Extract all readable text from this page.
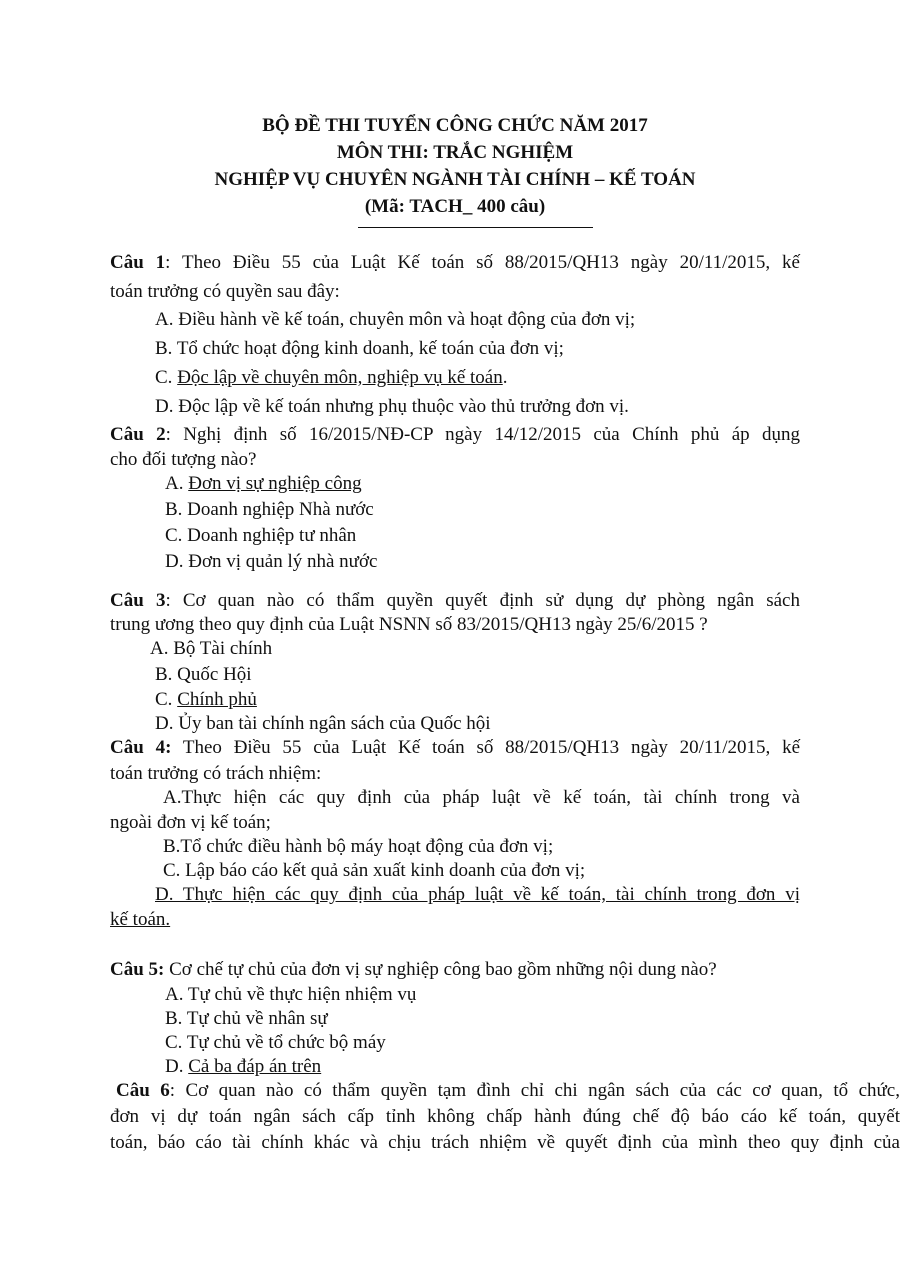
BỘ ĐỀ THI TUYỂN CÔNG CHỨC NĂM 2017
MÔN THI: TRẮC NGHIỆM
NGHIỆP VỤ CHUYÊN NGÀNH TÀI CHÍNH – KẾ TOÁN
(Mã: TACH_ 400 câu)
Câu 1: Theo Điều 55 của Luật Kế toán số 88/2015/QH13 ngày 20/11/2015, kế
toán trưởng có quyền sau đây:
A. Điều hành về kế toán, chuyên môn và hoạt động của đơn vị;
B. Tổ chức hoạt động kinh doanh, kế toán của đơn vị;
C. Độc lập về chuyên môn, nghiệp vụ kế toán.
D. Độc lập về kế toán nhưng phụ thuộc vào thủ trưởng đơn vị.
Câu 2: Nghị định số 16/2015/NĐ-CP ngày 14/12/2015 của Chính phủ áp dụng
cho đối tượng nào?
A. Đơn vị sự nghiệp công
B. Doanh nghiệp Nhà nước
C. Doanh nghiệp tư nhân
D. Đơn vị quản lý nhà nước
Câu 3: Cơ quan nào có thẩm quyền quyết định sử dụng dự phòng ngân sách
trung ương theo quy định của Luật NSNN số 83/2015/QH13 ngày 25/6/2015 ?
A. Bộ Tài chính
B. Quốc Hội
C. Chính phủ
D. Ủy ban tài chính ngân sách của Quốc hội
Câu 4: Theo Điều 55 của Luật Kế toán số 88/2015/QH13 ngày 20/11/2015, kế
toán trưởng có trách nhiệm:
A.Thực hiện các quy định của pháp luật về kế toán, tài chính trong và
ngoài đơn vị kế toán;
B.Tổ chức điều hành bộ máy hoạt động của đơn vị;
C. Lập báo cáo kết quả sản xuất kinh doanh của đơn vị;
D. Thực hiện các quy định của pháp luật về kế toán, tài chính trong đơn vị
kế toán.
Câu 5: Cơ chế tự chủ của đơn vị sự nghiệp công bao gồm những nội dung nào?
A. Tự chủ về thực hiện nhiệm vụ
B. Tự chủ về nhân sự
C. Tự chủ về tổ chức bộ máy
D. Cả ba đáp án trên
Câu 6: Cơ quan nào có thẩm quyền tạm đình chỉ chi ngân sách của các cơ quan, tổ chức,
đơn vị dự toán ngân sách cấp tỉnh không chấp hành đúng chế độ báo cáo kế toán, quyết
toán, báo cáo tài chính khác và chịu trách nhiệm về quyết định của mình theo quy định của
